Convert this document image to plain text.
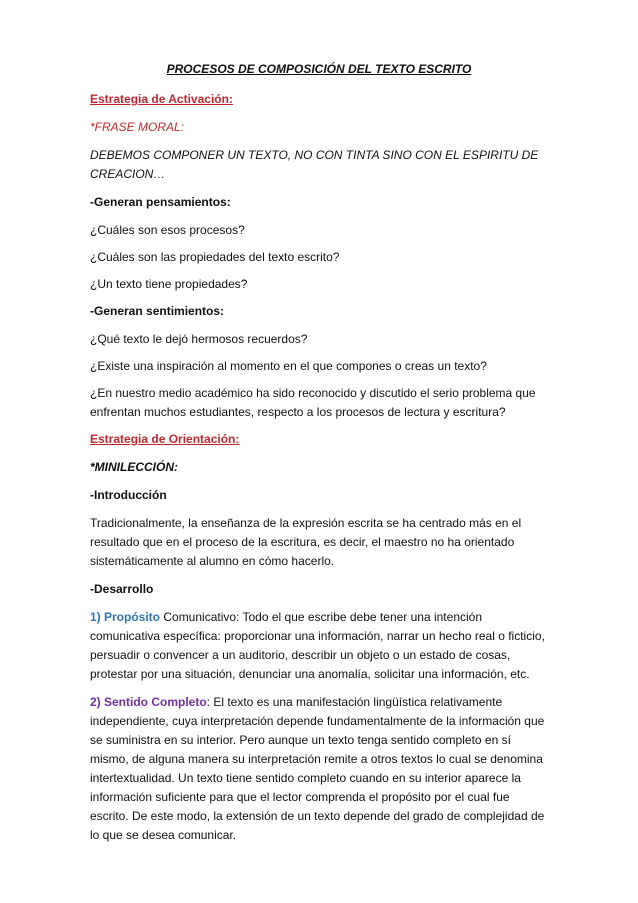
PROCESOS DE COMPOSICIÓN DEL TEXTO ESCRITO

Estrategia de Activación:

*FRASE MORAL:

DEBEMOS COMPONER UN TEXTO, NO CON TINTA SINO CON EL ESPIRITU DE CREACION…

-Generan pensamientos:

¿Cuáles son esos procesos?

¿Cuáles son las propiedades del texto escrito?

¿Un texto tiene propiedades?

-Generan sentimientos:

¿Qué texto le dejó hermosos recuerdos?

¿Existe una inspiración al momento en el que compones o creas un texto?

¿En nuestro medio académico ha sido reconocido y discutido el serio problema que enfrentan muchos estudiantes, respecto a los procesos de lectura y escritura?

Estrategia de Orientación:

*MINILECCIÓN:

-Introducción

Tradicionalmente, la enseñanza de la expresión escrita se ha centrado más en el resultado que en el proceso de la escritura, es decir, el maestro no ha orientado sistemáticamente al alumno en cómo hacerlo.

-Desarrollo

1) Propósito Comunicativo: Todo el que escribe debe tener una intención comunicativa específica: proporcionar una información, narrar un hecho real o ficticio, persuadir o convencer a un auditorio, describir un objeto o un estado de cosas, protestar por una situación, denunciar una anomalía, solicitar una información, etc.

2) Sentido Completo: El texto es una manifestación lingüística relativamente independiente, cuya interpretación depende fundamentalmente de la información que se suministra en su interior. Pero aunque un texto tenga sentido completo en sí mismo, de alguna manera su interpretación remite a otros textos lo cual se denomina intertextualidad. Un texto tiene sentido completo cuando en su interior aparece la información suficiente para que el lector comprenda el propósito por el cual fue escrito. De este modo, la extensión de un texto depende del grado de complejidad de lo que se desea comunicar.
